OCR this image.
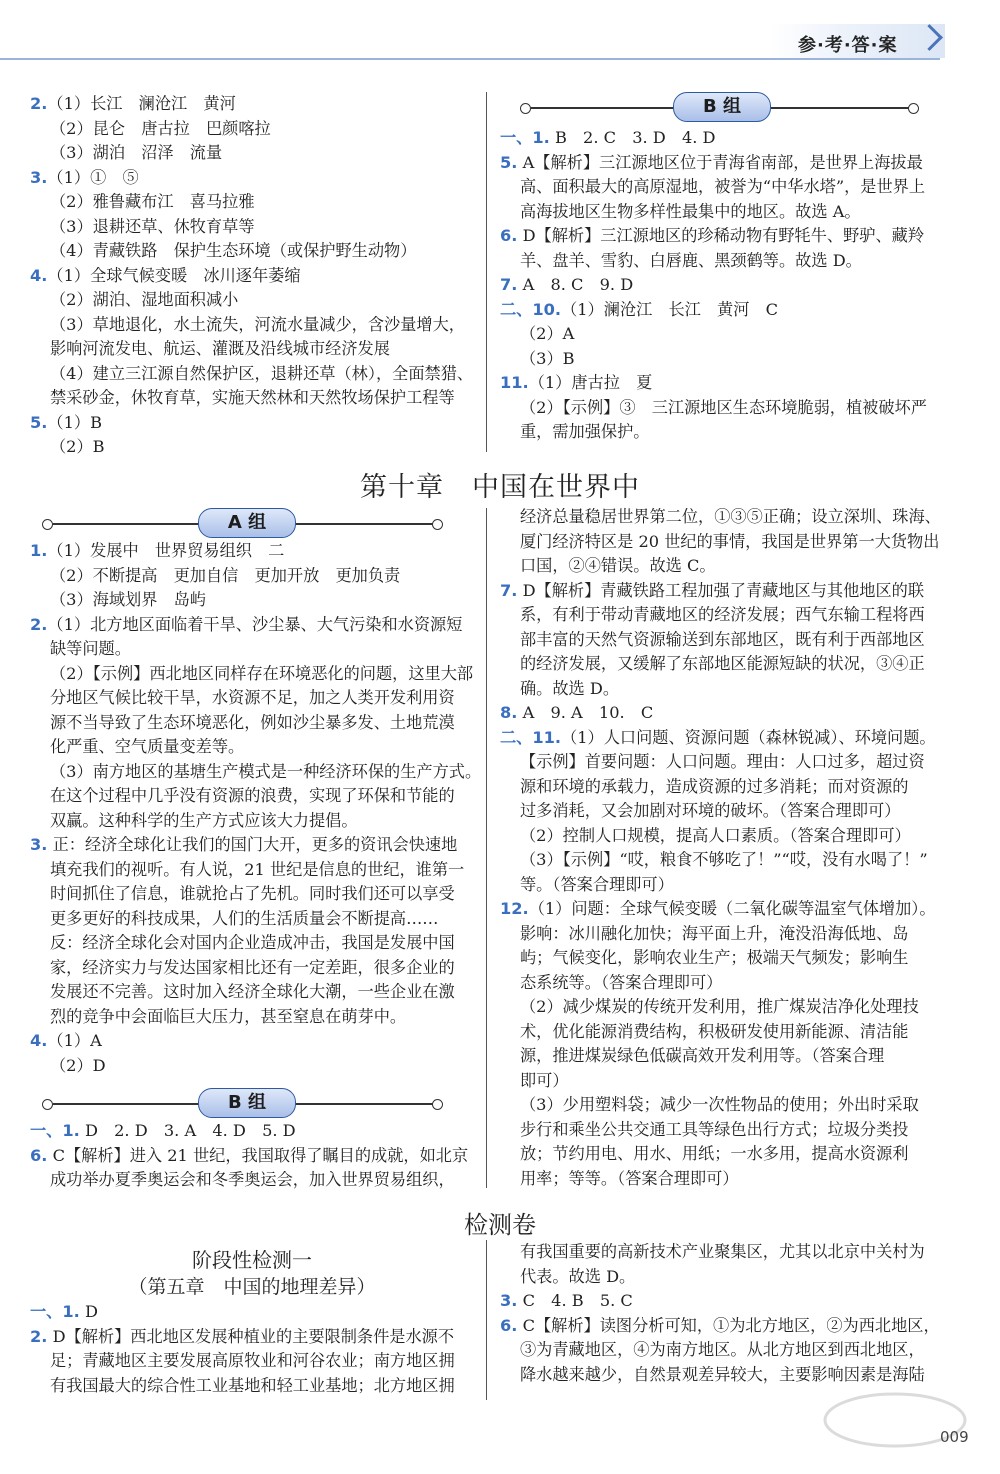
参·考·答·案

2.（1）长江　澜沧江　黄河

（2）昆仑　唐古拉　巴颜喀拉

（3）湖泊　沼泽　流量

3.（1）①　⑤

（2）雅鲁藏布江　喜马拉雅

（3）退耕还草、休牧育草等

（4）青藏铁路　保护生态环境（或保护野生动物）

4.（1）全球气候变暖　冰川逐年萎缩

（2）湖泊、湿地面积减小

（3）草地退化，水土流失，河流水量减少，含沙量增大，

影响河流发电、航运、灌溉及沿线城市经济发展

（4）建立三江源自然保护区，退耕还草（林），全面禁猎、

禁采砂金，休牧育草，实施天然林和天然牧场保护工程等

5.（1）B

（2）B

B 组

一、1. B　2. C　3. D　4. D

5. A【解析】三江源地区位于青海省南部，是世界上海拔最

高、面积最大的高原湿地，被誉为“中华水塔”，是世界上

高海拔地区生物多样性最集中的地区。故选 A。

6. D【解析】三江源地区的珍稀动物有野牦牛、野驴、藏羚

羊、盘羊、雪豹、白唇鹿、黑颈鹤等。故选 D。

7. A　8. C　9. D

二、10.（1）澜沧江　长江　黄河　C

（2）A

（3）B

11.（1）唐古拉　夏

（2）【示例】③　三江源地区生态环境脆弱，植被破坏严

重，需加强保护。

第十章　中国在世界中
A 组

1.（1）发展中　世界贸易组织　二

（2）不断提高　更加自信　更加开放　更加负责

（3）海域划界　岛屿

2.（1）北方地区面临着干旱、沙尘暴、大气污染和水资源短

缺等问题。

（2）【示例】西北地区同样存在环境恶化的问题，这里大部

分地区气候比较干旱，水资源不足，加之人类开发利用资

源不当导致了生态环境恶化，例如沙尘暴多发、土地荒漠

化严重、空气质量变差等。

（3）南方地区的基塘生产模式是一种经济环保的生产方式。

在这个过程中几乎没有资源的浪费，实现了环保和节能的

双赢。这种科学的生产方式应该大力提倡。

3. 正：经济全球化让我们的国门大开，更多的资讯会快速地

填充我们的视听。有人说，21 世纪是信息的世纪，谁第一

时间抓住了信息，谁就抢占了先机。同时我们还可以享受

更多更好的科技成果，人们的生活质量会不断提高……

反：经济全球化会对国内企业造成冲击，我国是发展中国

家，经济实力与发达国家相比还有一定差距，很多企业的

发展还不完善。这时加入经济全球化大潮，一些企业在激

烈的竞争中会面临巨大压力，甚至窒息在萌芽中。

4.（1）A

（2）D

B 组

一、1. D　2. D　3. A　4. D　5. D

6. C【解析】进入 21 世纪，我国取得了瞩目的成就，如北京

成功举办夏季奥运会和冬季奥运会，加入世界贸易组织，

经济总量稳居世界第二位，①③⑤正确；设立深圳、珠海、

厦门经济特区是 20 世纪的事情，我国是世界第一大货物出

口国，②④错误。故选 C。

7. D【解析】青藏铁路工程加强了青藏地区与其他地区的联

系，有利于带动青藏地区的经济发展；西气东输工程将西

部丰富的天然气资源输送到东部地区，既有利于西部地区

的经济发展，又缓解了东部地区能源短缺的状况，③④正

确。故选 D。

8. A　9. A　10.　C

二、11.（1）人口问题、资源问题（森林锐减）、环境问题。

【示例】首要问题：人口问题。理由：人口过多，超过资

源和环境的承载力，造成资源的过多消耗；而对资源的

过多消耗，又会加剧对环境的破坏。（答案合理即可）

（2）控制人口规模，提高人口素质。（答案合理即可）

（3）【示例】“哎，粮食不够吃了！”“哎，没有水喝了！”

等。（答案合理即可）

12.（1）问题：全球气候变暖（二氧化碳等温室气体增加）。

影响：冰川融化加快；海平面上升，淹没沿海低地、岛

屿；气候变化，影响农业生产；极端天气频发；影响生

态系统等。（答案合理即可）

（2）减少煤炭的传统开发利用，推广煤炭洁净化处理技

术，优化能源消费结构，积极研发使用新能源、清洁能

源，推进煤炭绿色低碳高效开发利用等。（答案合理

即可）

（3）少用塑料袋；减少一次性物品的使用；外出时采取

步行和乘坐公共交通工具等绿色出行方式；垃圾分类投

放；节约用电、用水、用纸；一水多用，提高水资源利

用率；等等。（答案合理即可）

检测卷
阶段性检测一
（第五章　中国的地理差异）

一、1. D

2. D【解析】西北地区发展种植业的主要限制条件是水源不

足；青藏地区主要发展高原牧业和河谷农业；南方地区拥

有我国最大的综合性工业基地和轻工业基地；北方地区拥

有我国重要的高新技术产业聚集区，尤其以北京中关村为

代表。故选 D。

3. C　4. B　5. C

6. C【解析】读图分析可知，①为北方地区，②为西北地区，

③为青藏地区，④为南方地区。从北方地区到西北地区，

降水越来越少，自然景观差异较大，主要影响因素是海陆

009
